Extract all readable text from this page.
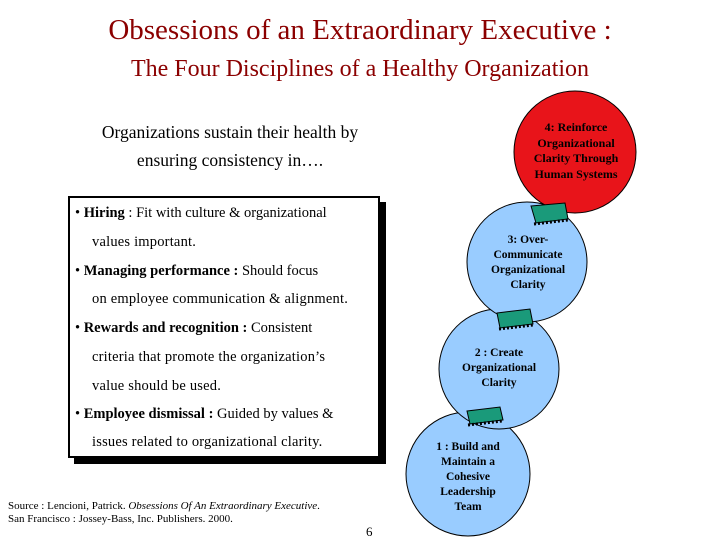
Obsessions of an Extraordinary Executive :
The Four Disciplines of a Healthy Organization
Organizations sustain their health by
ensuring consistency in….
4: Reinforce
Organizational
Clarity Through
Human Systems
3: Over-
Communicate
Organizational
Clarity
2 : Create
Organizational
Clarity
1 : Build and
Maintain a
Cohesive
Leadership
Team
• Hiring : Fit with culture & organizational
values important.
• Managing performance : Should focus
on employee communication & alignment.
• Rewards and recognition : Consistent
criteria that promote the organization’s
value should be used.
• Employee dismissal : Guided by values &
issues related to organizational clarity.
Source : Lencioni, Patrick. Obsessions Of An Extraordinary Executive.
San Francisco : Jossey-Bass, Inc. Publishers. 2000.
6
